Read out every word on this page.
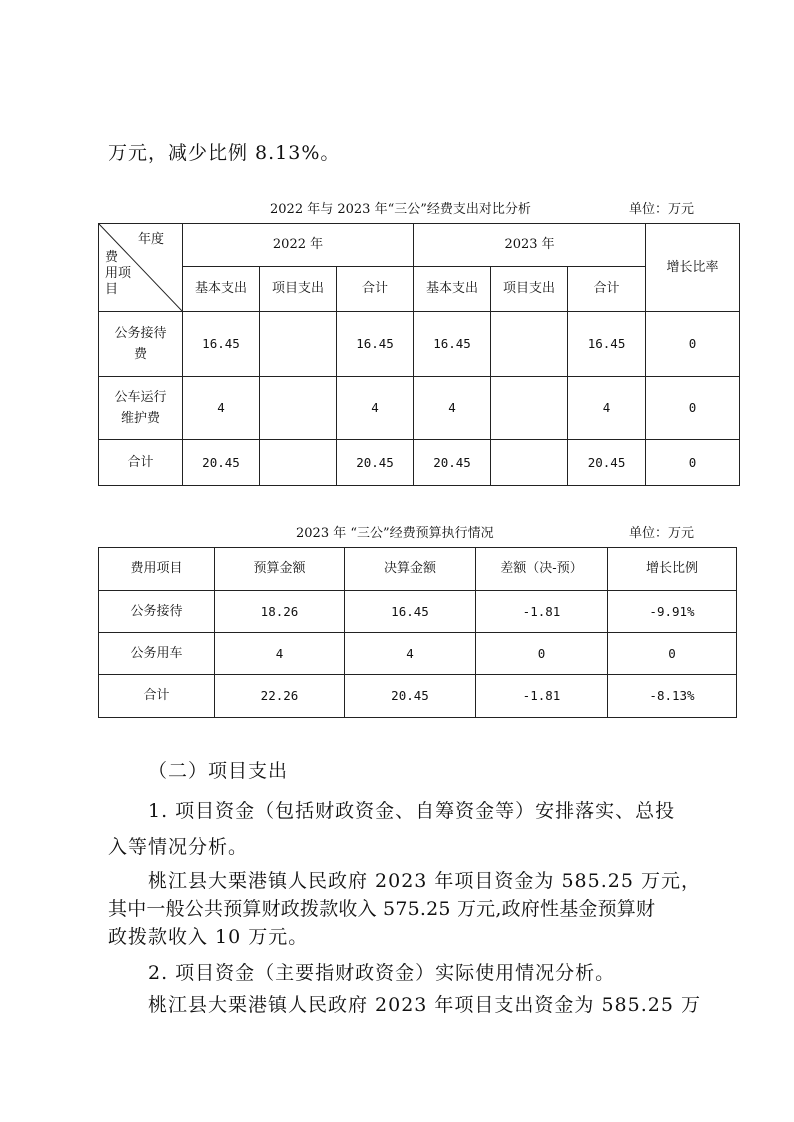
万元，减少比例 8.13%。
2022 年与 2023 年“三公”经费支出对比分析	单位：万元
年度
费
用项
目	2022 年			2023 年			增长比率
	基本支出	项目支出	合计	基本支出	项目支出	合计	
公务接待
费	16.45		16.45	16.45		16.45	0
公车运行
维护费	4		4	4		4	0
合计	20.45		20.45	20.45		20.45	0
2023 年 “三公”经费预算执行情况	单位：万元
费用项目	预算金额	决算金额	差额（决-预）	增长比例
公务接待	18.26	16.45	-1.81	-9.91%
公务用车	4	4	0	0
合计	22.26	20.45	-1.81	-8.13%
（二）项目支出
1. 项目资金（包括财政资金、自筹资金等）安排落实、总投
入等情况分析。
桃江县大栗港镇人民政府 2023 年项目资金为 585.25 万元，
其中一般公共预算财政拨款收入 575.25 万元,政府性基金预算财
政拨款收入 10 万元。
2. 项目资金（主要指财政资金）实际使用情况分析。
桃江县大栗港镇人民政府 2023 年项目支出资金为 585.25 万
